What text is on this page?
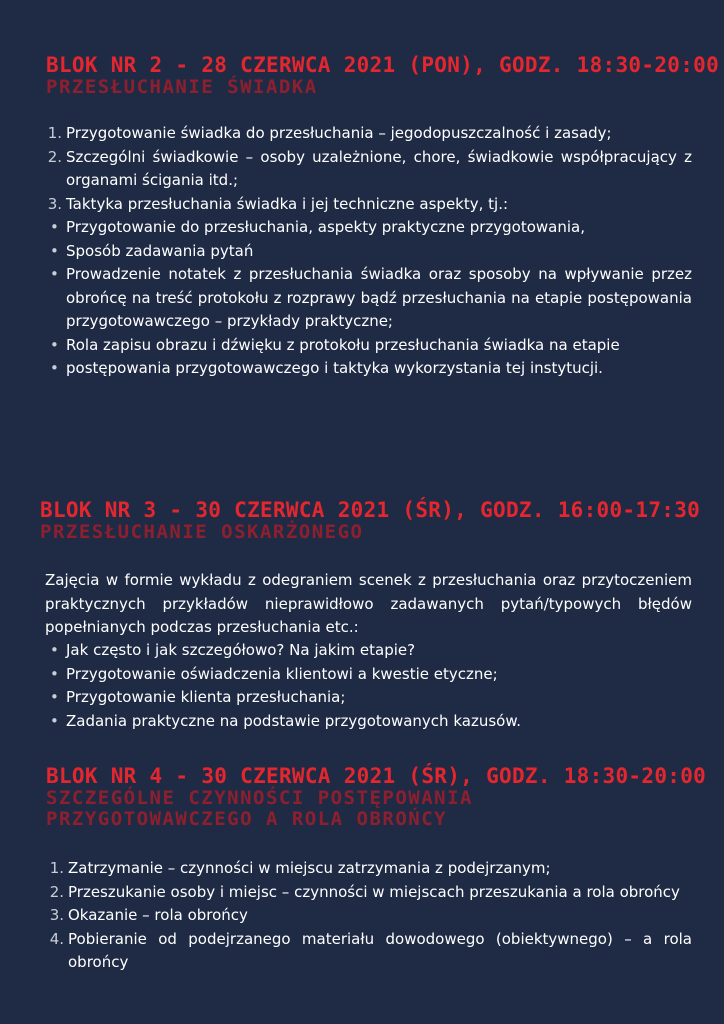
BLOK NR 2 - 28 CZERWCA 2021 (PON), GODZ. 18:30-20:00
PRZESŁUCHANIE ŚWIADKA
1. Przygotowanie świadka do przesłuchania – jegodopuszczalność i zasady;
2. Szczególni świadkowie – osoby uzależnione, chore, świadkowie współpracujący z organami ścigania itd.;
3. Taktyka przesłuchania świadka i jej techniczne aspekty, tj.:
• Przygotowanie do przesłuchania, aspekty praktyczne przygotowania,
• Sposób zadawania pytań
• Prowadzenie notatek z przesłuchania świadka oraz sposoby na wpływanie przez obrońcę na treść protokołu z rozprawy bądź przesłuchania na etapie postępowania przygotowawczego – przykłady praktyczne;
• Rola zapisu obrazu i dźwięku z protokołu przesłuchania świadka na etapie
• postępowania przygotowawczego i taktyka wykorzystania tej instytucji.
BLOK NR 3 - 30 CZERWCA 2021 (ŚR), GODZ. 16:00-17:30
PRZESŁUCHANIE OSKARŻONEGO

Zajęcia w formie wykładu z odegraniem scenek z przesłuchania oraz przytoczeniem praktycznych przykładów nieprawidłowo zadawanych pytań/typowych błędów popełnianych podczas przesłuchania etc.:

• Jak często i jak szczegółowo? Na jakim etapie?
• Przygotowanie oświadczenia klientowi a kwestie etyczne;
• Przygotowanie klienta przesłuchania;
• Zadania praktyczne na podstawie przygotowanych kazusów.
BLOK NR 4 - 30 CZERWCA 2021 (ŚR), GODZ. 18:30-20:00
SZCZEGÓLNE CZYNNOŚCI POSTĘPOWANIA
PRZYGOTOWAWCZEGO A ROLA OBROŃCY
1. Zatrzymanie – czynności w miejscu zatrzymania z podejrzanym;
2. Przeszukanie osoby i miejsc – czynności w miejscach przeszukania a rola obrońcy
3. Okazanie – rola obrońcy
4. Pobieranie od podejrzanego materiału dowodowego (obiektywnego) – a rola obrońcy
